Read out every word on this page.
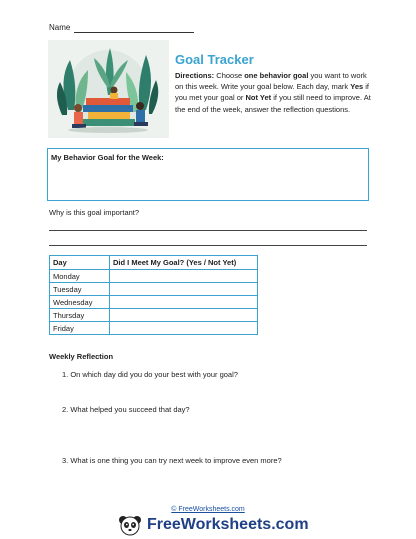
Name
Goal Tracker
Directions: Choose one behavior goal you want to work on this week. Write your goal below. Each day, mark Yes if you met your goal or Not Yet if you still need to improve. At the end of the week, answer the reflection questions.
My Behavior Goal for the Week:
Why is this goal important?
Day	Did I Meet My Goal? (Yes / Not Yet)
Monday	
Tuesday	
Wednesday	
Thursday	
Friday	
Weekly Reflection
1. On which day did you do your best with your goal?
2. What helped you succeed that day?
3. What is one thing you can try next week to improve even more?
© FreeWorksheets.com
FreeWorksheets.com
